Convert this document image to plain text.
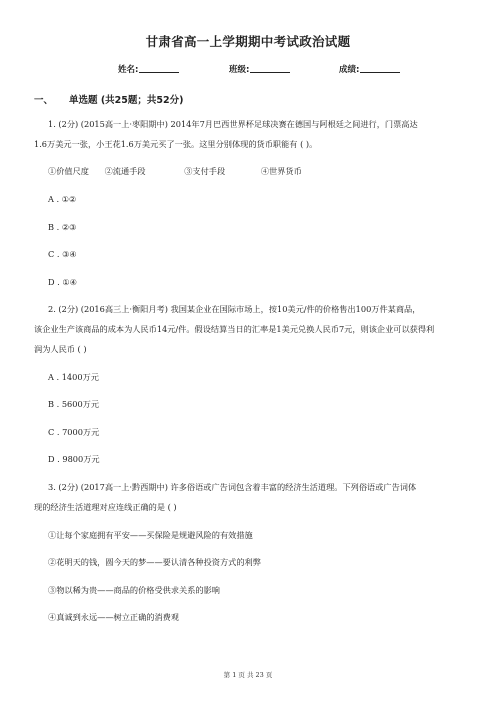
甘肃省高一上学期期中考试政治试题
姓名:	班级:	成绩:
一、 单选题 (共25题；共52分)
1. (2分) (2015高一上·枣阳期中) 2014年7月巴西世界杯足球决赛在德国与阿根廷之间进行，门票高达
1.6万美元一张，小王花1.6万美元买了一张。这里分别体现的货币职能有 ( )。
①价值尺度 ②流通手段	③支付手段	④世界货币
A . ①②
B . ②③
C . ③④
D . ①④
2. (2分) (2016高三上·衡阳月考) 我国某企业在国际市场上，按10美元/件的价格售出100万件某商品，
该企业生产该商品的成本为人民币14元/件。假设结算当日的汇率是1美元兑换人民币7元，则该企业可以获得利
润为人民币 ( )
A . 1400万元
B . 5600万元
C . 7000万元
D . 9800万元
3. (2分) (2017高一上·黔西期中) 许多俗语或广告词包含着丰富的经济生活道理。下列俗语或广告词体
现的经济生活道理对应连线正确的是 ( )
①让每个家庭拥有平安——买保险是规避风险的有效措施
②花明天的钱，圆今天的梦——要认清各种投资方式的利弊
③物以稀为贵——商品的价格受供求关系的影响
④真诚到永远——树立正确的消费观
第 1 页 共 23 页
